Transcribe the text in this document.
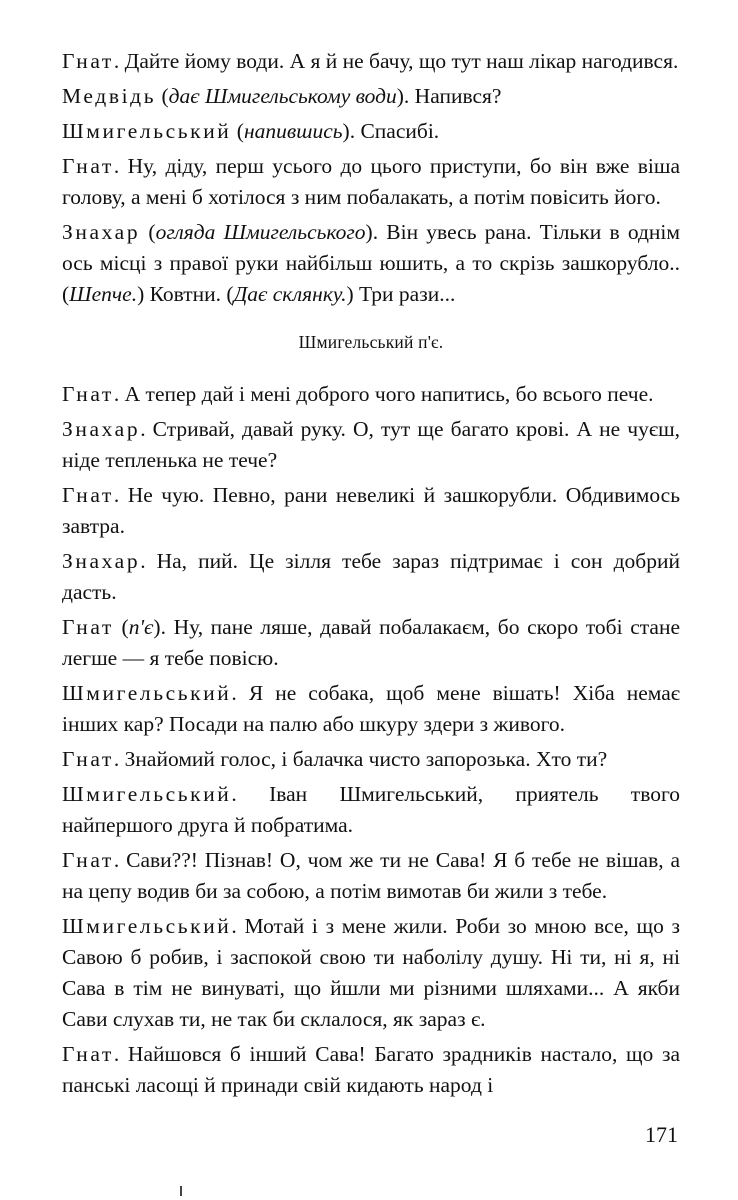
Гнат. Дайте йому води. А я й не бачу, що тут наш лікар нагодився.

Медвідь (дає Шмигельському води). Напився?

Шмигельський (напившись). Спасибі.

Гнат. Ну, діду, перш усього до цього приступи, бо він вже віша голову, а мені б хотілося з ним побалакать, а потім повісить його.

Знахар (огляда Шмигельського). Він увесь рана. Тільки в однім ось місці з правої руки найбільш юшить, а то скрізь зашкорубло.. (Шепче.) Ковтни. (Дає склянку.) Три рази...

Шмигельський п'є.

Гнат. А тепер дай і мені доброго чого напитись, бо всього пече.

Знахар. Стривай, давай руку. О, тут ще багато крові. А не чуєш, ніде тепленька не тече?

Гнат. Не чую. Певно, рани невеликі й зашкорубли. Обдивимось завтра.

Знахар. На, пий. Це зілля тебе зараз підтримає і сон добрий дасть.

Гнат (п'є). Ну, пане ляше, давай побалакаєм, бо скоро тобі стане легше — я тебе повісю.

Шмигельський. Я не собака, щоб мене вішать! Хіба немає інших кар? Посади на палю або шкуру здери з живого.

Гнат. Знайомий голос, і балачка чисто запорозька. Хто ти?

Шмигельський. Іван Шмигельський, приятель твого найпершого друга й побратима.

Гнат. Сави??! Пізнав! О, чом же ти не Сава! Я б тебе не вішав, а на цепу водив би за собою, а потім вимотав би жили з тебе.

Шмигельський. Мотай і з мене жили. Роби зо мною все, що з Савою б робив, і заспокой свою ти наболілу душу. Ні ти, ні я, ні Сава в тім не винуваті, що йшли ми різними шляхами... А якби Сави слухав ти, не так би склалося, як зараз є.

Гнат. Найшовся б інший Сава! Багато зрадників настало, що за панські ласощі й принади свій кидають народ і

171
